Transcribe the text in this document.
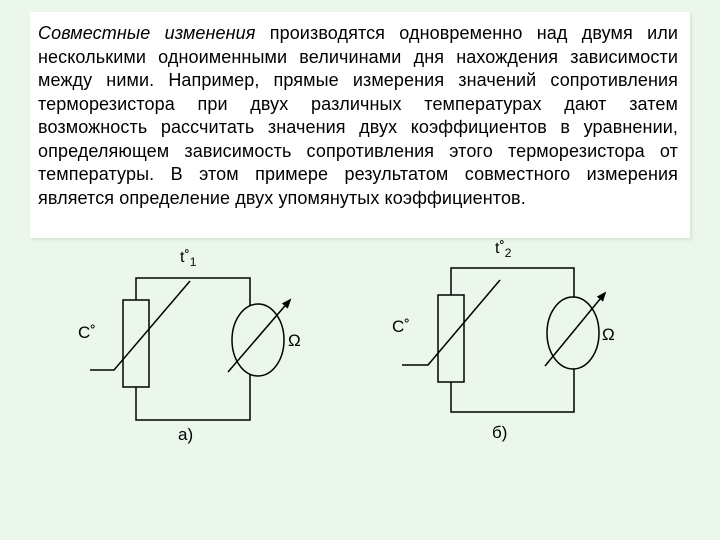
Совместные изменения производятся одновременно над двумя или несколькими одноименными величинами дня нахождения зависимости между ними. Например, прямые измерения значений сопротивления терморезистора при двух различных температурах дают затем возможность рассчитать значения двух коэффициентов в уравнении, определяющем зависимость сопротивления этого терморезистора от температуры. В этом примере результатом совместного измерения является определение двух упомянутых коэффициентов.
$t˚_1$
C˚	Ω
а)
$t˚_2$
C˚	Ω
б)
